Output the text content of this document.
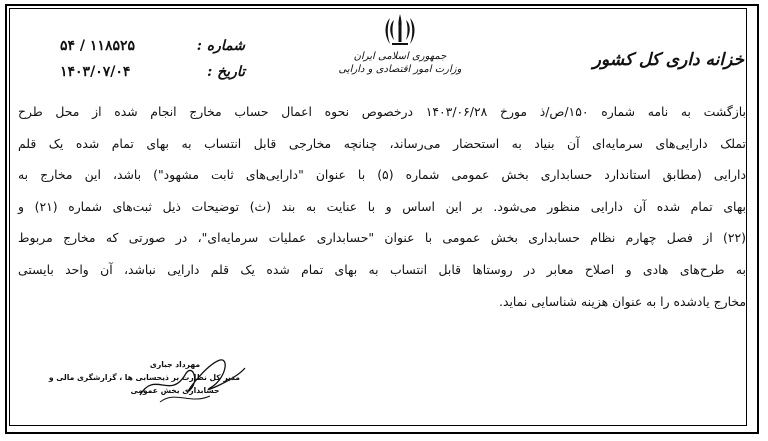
خزانه داری کل کشور
جمهوری اسلامی ایران
وزارت امور اقتصادی و دارایی
شماره :
۵۴ / ۱۱۸۵۲۵
تاریخ :
۱۴۰۳/۰۷/۰۴
بازگشت به نامه شماره ۱۵۰/ص/ذ مورخ ۱۴۰۳/۰۶/۲۸ درخصوص نحوه اعمال حساب مخارج انجام شده از محل طرح
تملک دارایی‌های سرمایه‌ای آن بنیاد به استحضار می‌رساند، چنانچه مخارجی قابل انتساب به بهای تمام شده یک قلم
دارایی (مطابق استاندارد حسابداری بخش عمومی شماره (۵) با عنوان "دارایی‌های ثابت مشهود") باشد، این مخارج به
بهای تمام شده آن دارایی منظور می‌شود. بر این اساس و با عنایت به بند (ث) توضیحات ذیل ثبت‌های شماره (۲۱) و
(۲۲) از فصل چهارم نظام حسابداری بخش عمومی با عنوان "حسابداری عملیات سرمایه‌ای"، در صورتی که مخارج مربوط
به طرح‌های هادی و اصلاح معابر در روستاها قابل انتساب به بهای تمام شده یک قلم دارایی نباشد، آن واحد بایستی
مخارج یادشده را به عنوان هزینه شناسایی نماید.
مهرداد جباری
مدیر کل نظارت بر ذیحسابی ها ، گزارشگری مالی و
حسابداری بخش عمومی
